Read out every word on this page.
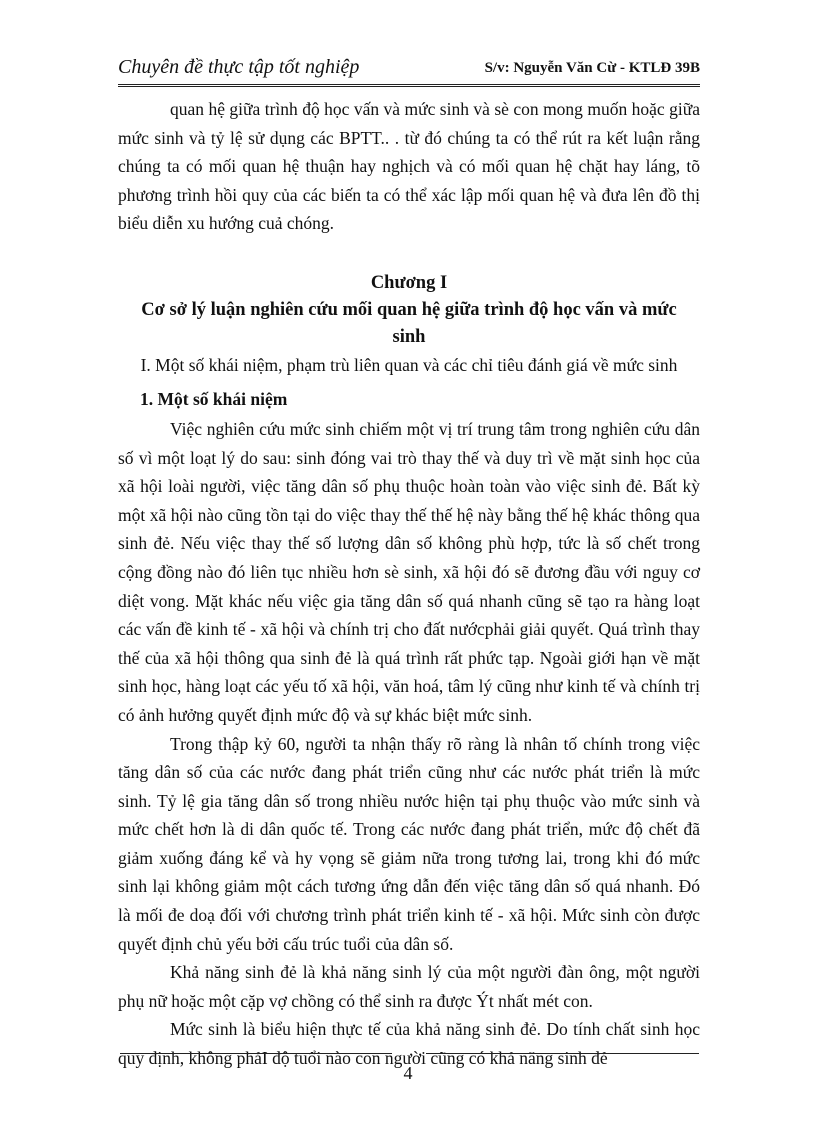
Chuyên đề thực tập tốt nghiệp	S/v: Nguyễn Văn Cừ - KTLĐ 39B

quan hệ giữa trình độ học vấn và mức sinh và sè con mong muốn hoặc giữa mức sinh và tỷ lệ sử dụng các BPTT.. . từ đó chúng ta có thể rút ra kết luận rằng chúng ta có mối quan hệ thuận hay nghịch và có mối quan hệ chặt hay láng, tõ phương trình hồi quy của các biến ta có thể xác lập mối quan hệ và đưa lên đồ thị biểu diễn xu hướng cuả chóng.

Chương I
Cơ sở lý luận nghiên cứu mối quan hệ giữa trình độ học vấn và mức sinh
I. Một số khái niệm, phạm trù liên quan và các chỉ tiêu đánh giá về mức sinh
1. Một số khái niệm

Việc nghiên cứu mức sinh chiếm một vị trí trung tâm trong nghiên cứu dân số vì một loạt lý do sau: sinh đóng vai trò thay thế và duy trì về mặt sinh học của xã hội loài người, việc tăng dân số phụ thuộc hoàn toàn vào việc sinh đẻ. Bất kỳ một xã hội nào cũng tồn tại do việc thay thế thế hệ này bằng thế hệ khác thông qua sinh đẻ. Nếu việc thay thế số lượng dân số không phù hợp, tức là số chết trong cộng đồng nào đó liên tục nhiều hơn sè sinh, xã hội đó sẽ đương đầu với nguy cơ diệt vong. Mặt khác nếu việc gia tăng dân số quá nhanh cũng sẽ tạo ra hàng loạt các vấn đề kinh tế - xã hội và chính trị cho đất nướcphải giải quyết. Quá trình thay thế của xã hội thông qua sinh đẻ là quá trình rất phức tạp. Ngoài giới hạn về mặt sinh học, hàng loạt các yếu tố xã hội, văn hoá, tâm lý cũng như kinh tế và chính trị có ảnh hưởng quyết định mức độ và sự khác biệt mức sinh.

Trong thập kỷ 60, người ta nhận thấy rõ ràng là nhân tố chính trong việc tăng dân số của các nước đang phát triển cũng như các nước phát triển là mức sinh. Tỷ lệ gia tăng dân số trong nhiều nước hiện tại phụ thuộc vào mức sinh và mức chết hơn là di dân quốc tế. Trong các nước đang phát triển, mức độ chết đã giảm xuống đáng kể và hy vọng sẽ giảm nữa trong tương lai, trong khi đó mức sinh lại không giảm một cách tương ứng dẫn đến việc tăng dân số quá nhanh. Đó là mối đe doạ đối với chương trình phát triển kinh tế - xã hội. Mức sinh còn được quyết định chủ yếu bởi cấu trúc tuổi của dân số.

Khả năng sinh đẻ là khả năng sinh lý của một người đàn ông, một người phụ nữ hoặc một cặp vợ chồng có thể sinh ra được Ýt nhất mét con.

Mức sinh là biểu hiện thực tế của khả năng sinh đẻ. Do tính chất sinh học quy định, không phảI độ tuổi nào con người cũng có khả năng sinh đẻ

4
